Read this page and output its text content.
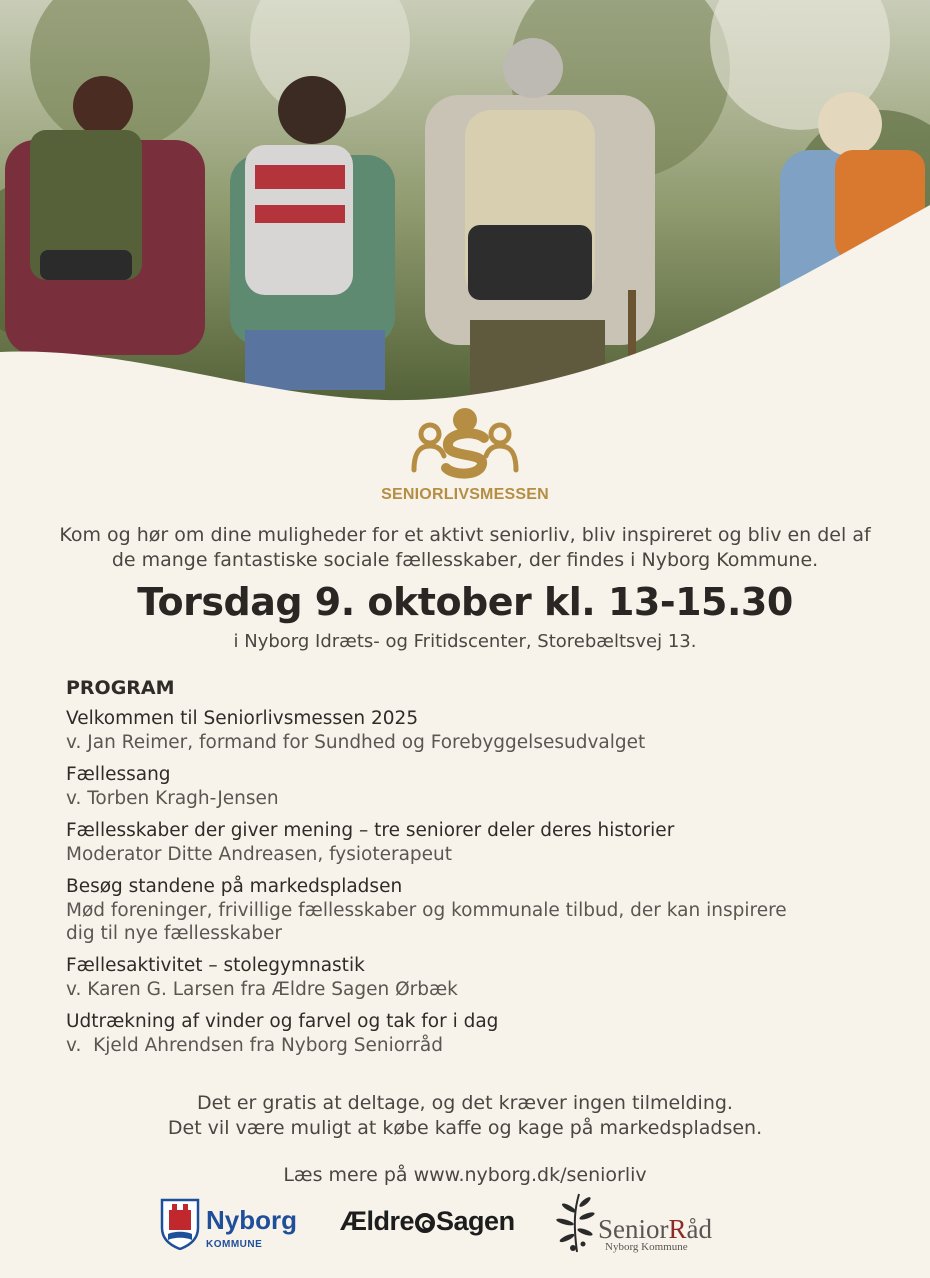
SENIORLIVSMESSEN
Kom og hør om dine muligheder for et aktivt seniorliv, bliv inspireret og bliv en del af
de mange fantastiske sociale fællesskaber, der findes i Nyborg Kommune.
Torsdag 9. oktober kl. 13-15.30
i Nyborg Idræts- og Fritidscenter, Storebæltsvej 13.
PROGRAM
Velkommen til Seniorlivsmessen 2025
v. Jan Reimer, formand for Sundhed og Forebyggelsesudvalget
Fællessang
v. Torben Kragh-Jensen
Fællesskaber der giver mening – tre seniorer deler deres historier
Moderator Ditte Andreasen, fysioterapeut
Besøg standene på markedspladsen
Mød foreninger, frivillige fællesskaber og kommunale tilbud, der kan inspirere
dig til nye fællesskaber
Fællesaktivitet – stolegymnastik
v. Karen G. Larsen fra Ældre Sagen Ørbæk
Udtrækning af vinder og farvel og tak for i dag
v.  Kjeld Ahrendsen fra Nyborg Seniorråd
Det er gratis at deltage, og det kræver ingen tilmelding.
Det vil være muligt at købe kaffe og kage på markedspladsen.
Læs mere på www.nyborg.dk/seniorliv
Nyborg
KOMMUNE
Ældre Sagen	SeniorRåd
Nyborg Kommune
